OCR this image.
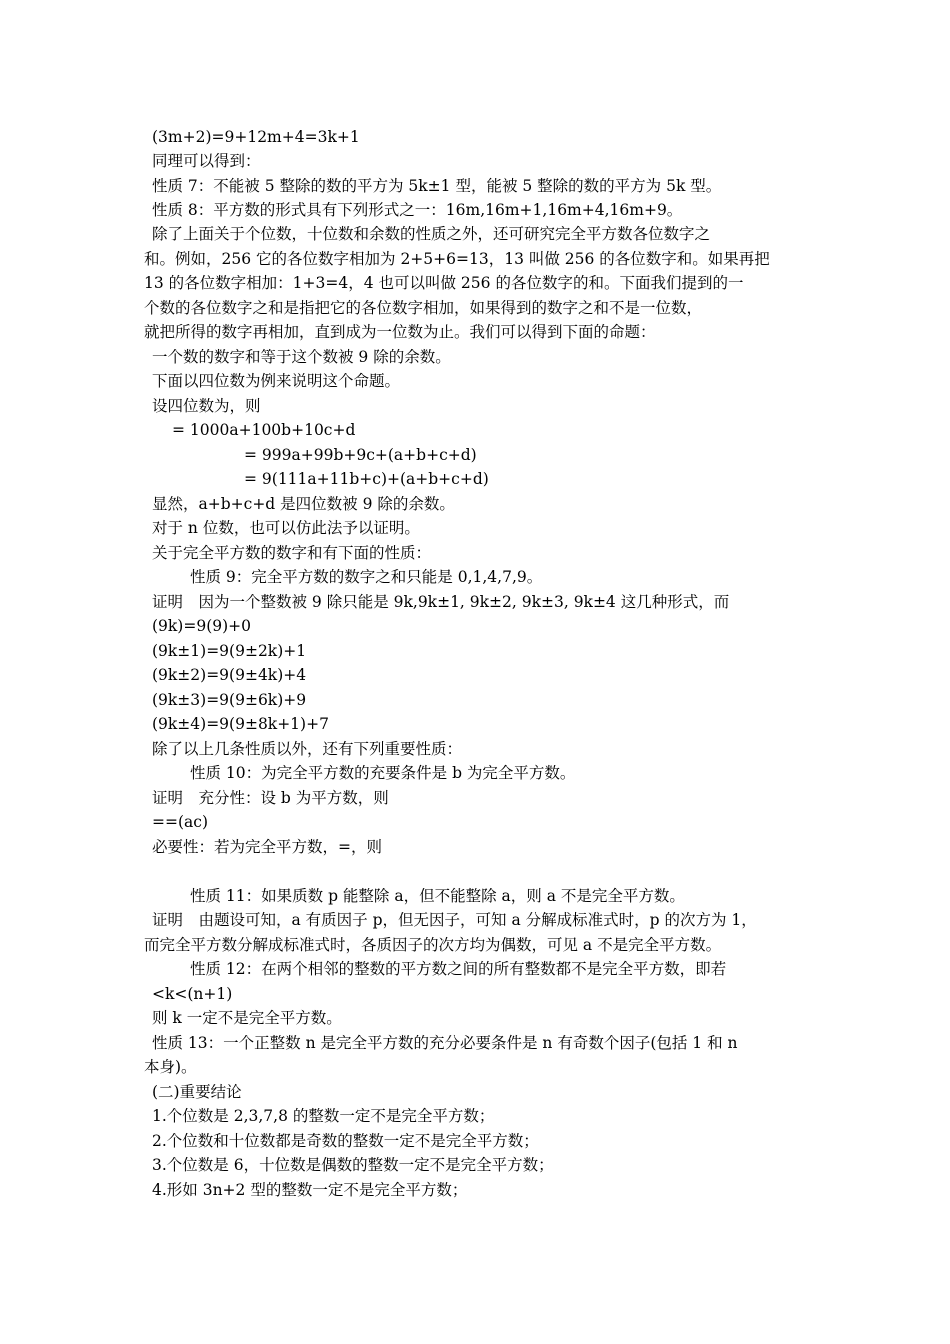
(3m+2)=9+12m+4=3k+1
同理可以得到：
性质 7：不能被 5 整除的数的平方为 5k±1 型，能被 5 整除的数的平方为 5k 型。
性质 8：平方数的形式具有下列形式之一：16m,16m+1,16m+4,16m+9。
除了上面关于个位数，十位数和余数的性质之外，还可研究完全平方数各位数字之
和。例如，256 它的各位数字相加为 2+5+6=13，13 叫做 256 的各位数字和。如果再把
13 的各位数字相加：1+3=4，4 也可以叫做 256 的各位数字的和。下面我们提到的一
个数的各位数字之和是指把它的各位数字相加，如果得到的数字之和不是一位数，
就把所得的数字再相加，直到成为一位数为止。我们可以得到下面的命题：
一个数的数字和等于这个数被 9 除的余数。
下面以四位数为例来说明这个命题。
设四位数为，则
= 1000a+100b+10c+d
= 999a+99b+9c+(a+b+c+d)
= 9(111a+11b+c)+(a+b+c+d)
显然，a+b+c+d 是四位数被 9 除的余数。
对于 n 位数，也可以仿此法予以证明。
关于完全平方数的数字和有下面的性质：
性质 9：完全平方数的数字之和只能是 0,1,4,7,9。
证明　因为一个整数被 9 除只能是 9k,9k±1, 9k±2, 9k±3, 9k±4 这几种形式，而
(9k)=9(9)+0
(9k±1)=9(9±2k)+1
(9k±2)=9(9±4k)+4
(9k±3)=9(9±6k)+9
(9k±4)=9(9±8k+1)+7
除了以上几条性质以外，还有下列重要性质：
性质 10：为完全平方数的充要条件是 b 为完全平方数。
证明　充分性：设 b 为平方数，则
==(ac)
必要性：若为完全平方数，=，则
性质 11：如果质数 p 能整除 a，但不能整除 a，则 a 不是完全平方数。
证明　由题设可知，a 有质因子 p，但无因子，可知 a 分解成标准式时，p 的次方为 1，
而完全平方数分解成标准式时，各质因子的次方均为偶数，可见 a 不是完全平方数。
性质 12：在两个相邻的整数的平方数之间的所有整数都不是完全平方数，即若
<k<(n+1)
则 k 一定不是完全平方数。
性质 13：一个正整数 n 是完全平方数的充分必要条件是 n 有奇数个因子(包括 1 和 n
本身)。
(二)重要结论
1.个位数是 2,3,7,8 的整数一定不是完全平方数；
2.个位数和十位数都是奇数的整数一定不是完全平方数；
3.个位数是 6，十位数是偶数的整数一定不是完全平方数；
4.形如 3n+2 型的整数一定不是完全平方数；
